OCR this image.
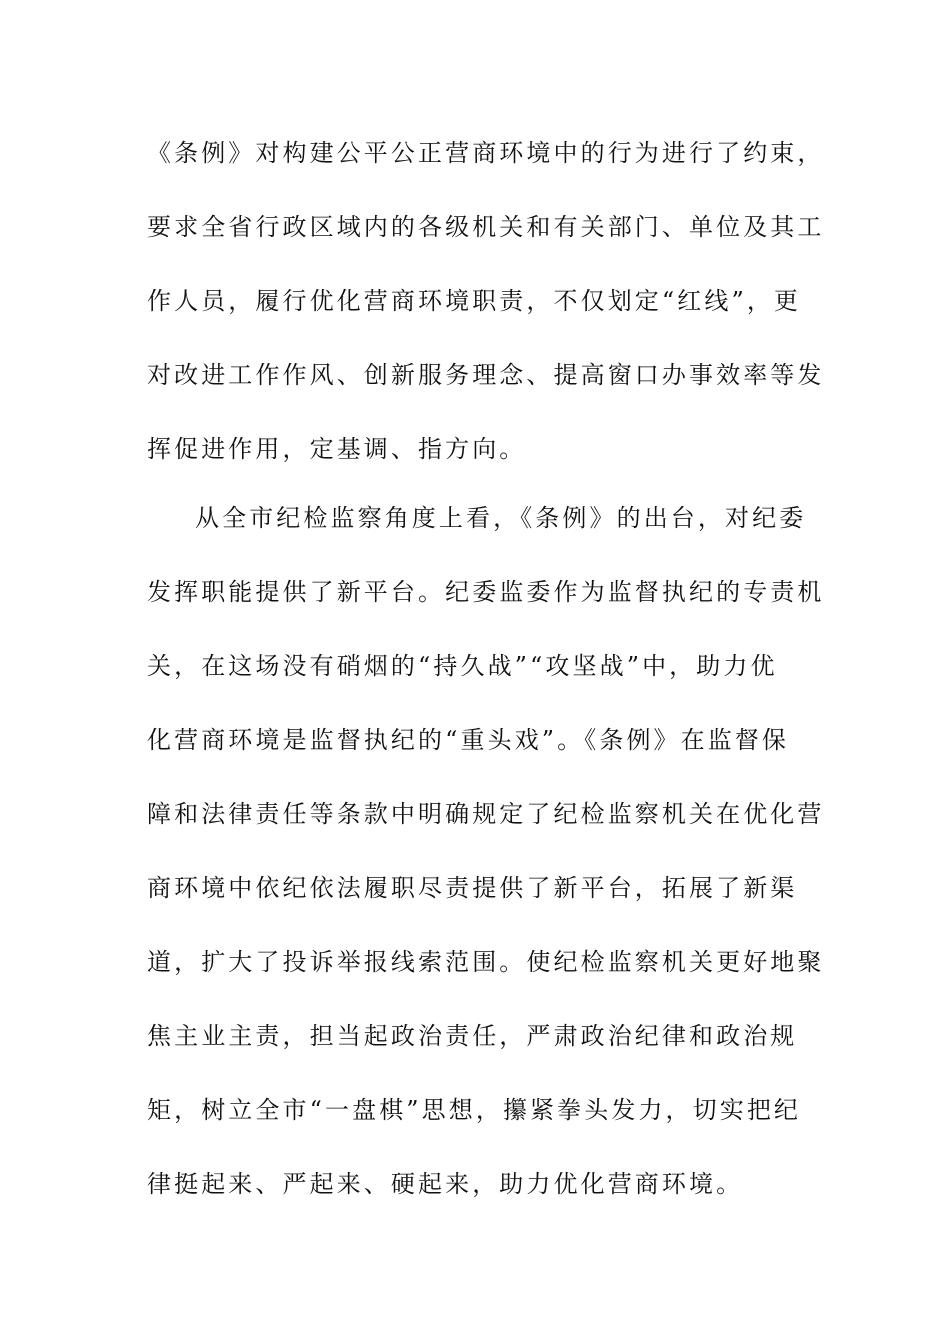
《条例》对构建公平公正营商环境中的行为进行了约束，
要求全省行政区域内的各级机关和有关部门、单位及其工
作人员，履行优化营商环境职责，不仅划定“红线”，更
对改进工作作风、创新服务理念、提高窗口办事效率等发
挥促进作用，定基调、指方向。
从全市纪检监察角度上看，《条例》的出台，对纪委
发挥职能提供了新平台。纪委监委作为监督执纪的专责机
关，在这场没有硝烟的“持久战”“攻坚战”中，助力优
化营商环境是监督执纪的“重头戏”。《条例》在监督保
障和法律责任等条款中明确规定了纪检监察机关在优化营
商环境中依纪依法履职尽责提供了新平台，拓展了新渠
道，扩大了投诉举报线索范围。使纪检监察机关更好地聚
焦主业主责，担当起政治责任，严肃政治纪律和政治规
矩，树立全市“一盘棋”思想，攥紧拳头发力，切实把纪
律挺起来、严起来、硬起来，助力优化营商环境。
